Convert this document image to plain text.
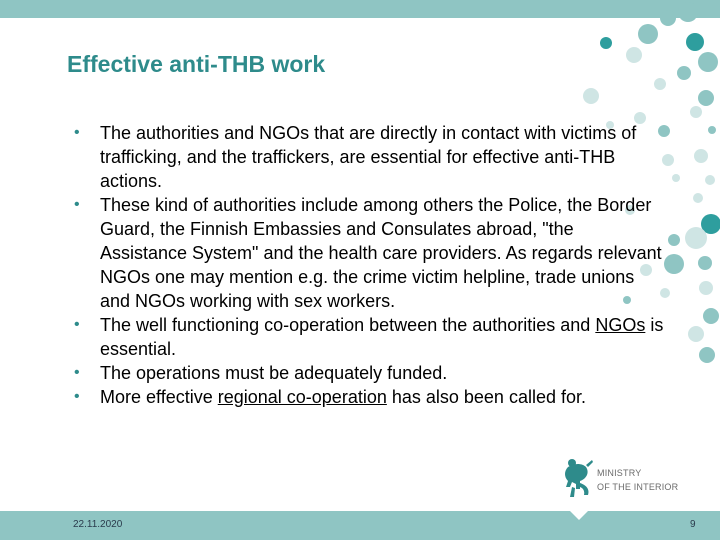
Effective anti-THB work
• The authorities and NGOs that are directly in contact with victims of trafficking, and the traffickers, are essential for effective anti-THB actions.
• These kind of authorities include among others the Police, the Border Guard, the Finnish Embassies and Consulates abroad, "the Assistance System" and the health care providers. As regards relevant NGOs one may mention e.g. the crime victim helpline, trade unions and NGOs working with sex workers.
• The well functioning co-operation between the authorities and NGOs is essential.
• The operations must be adequately funded.
• More effective regional co-operation has also been called for.
MINISTRY
OF THE INTERIOR
22.11.2020	9
